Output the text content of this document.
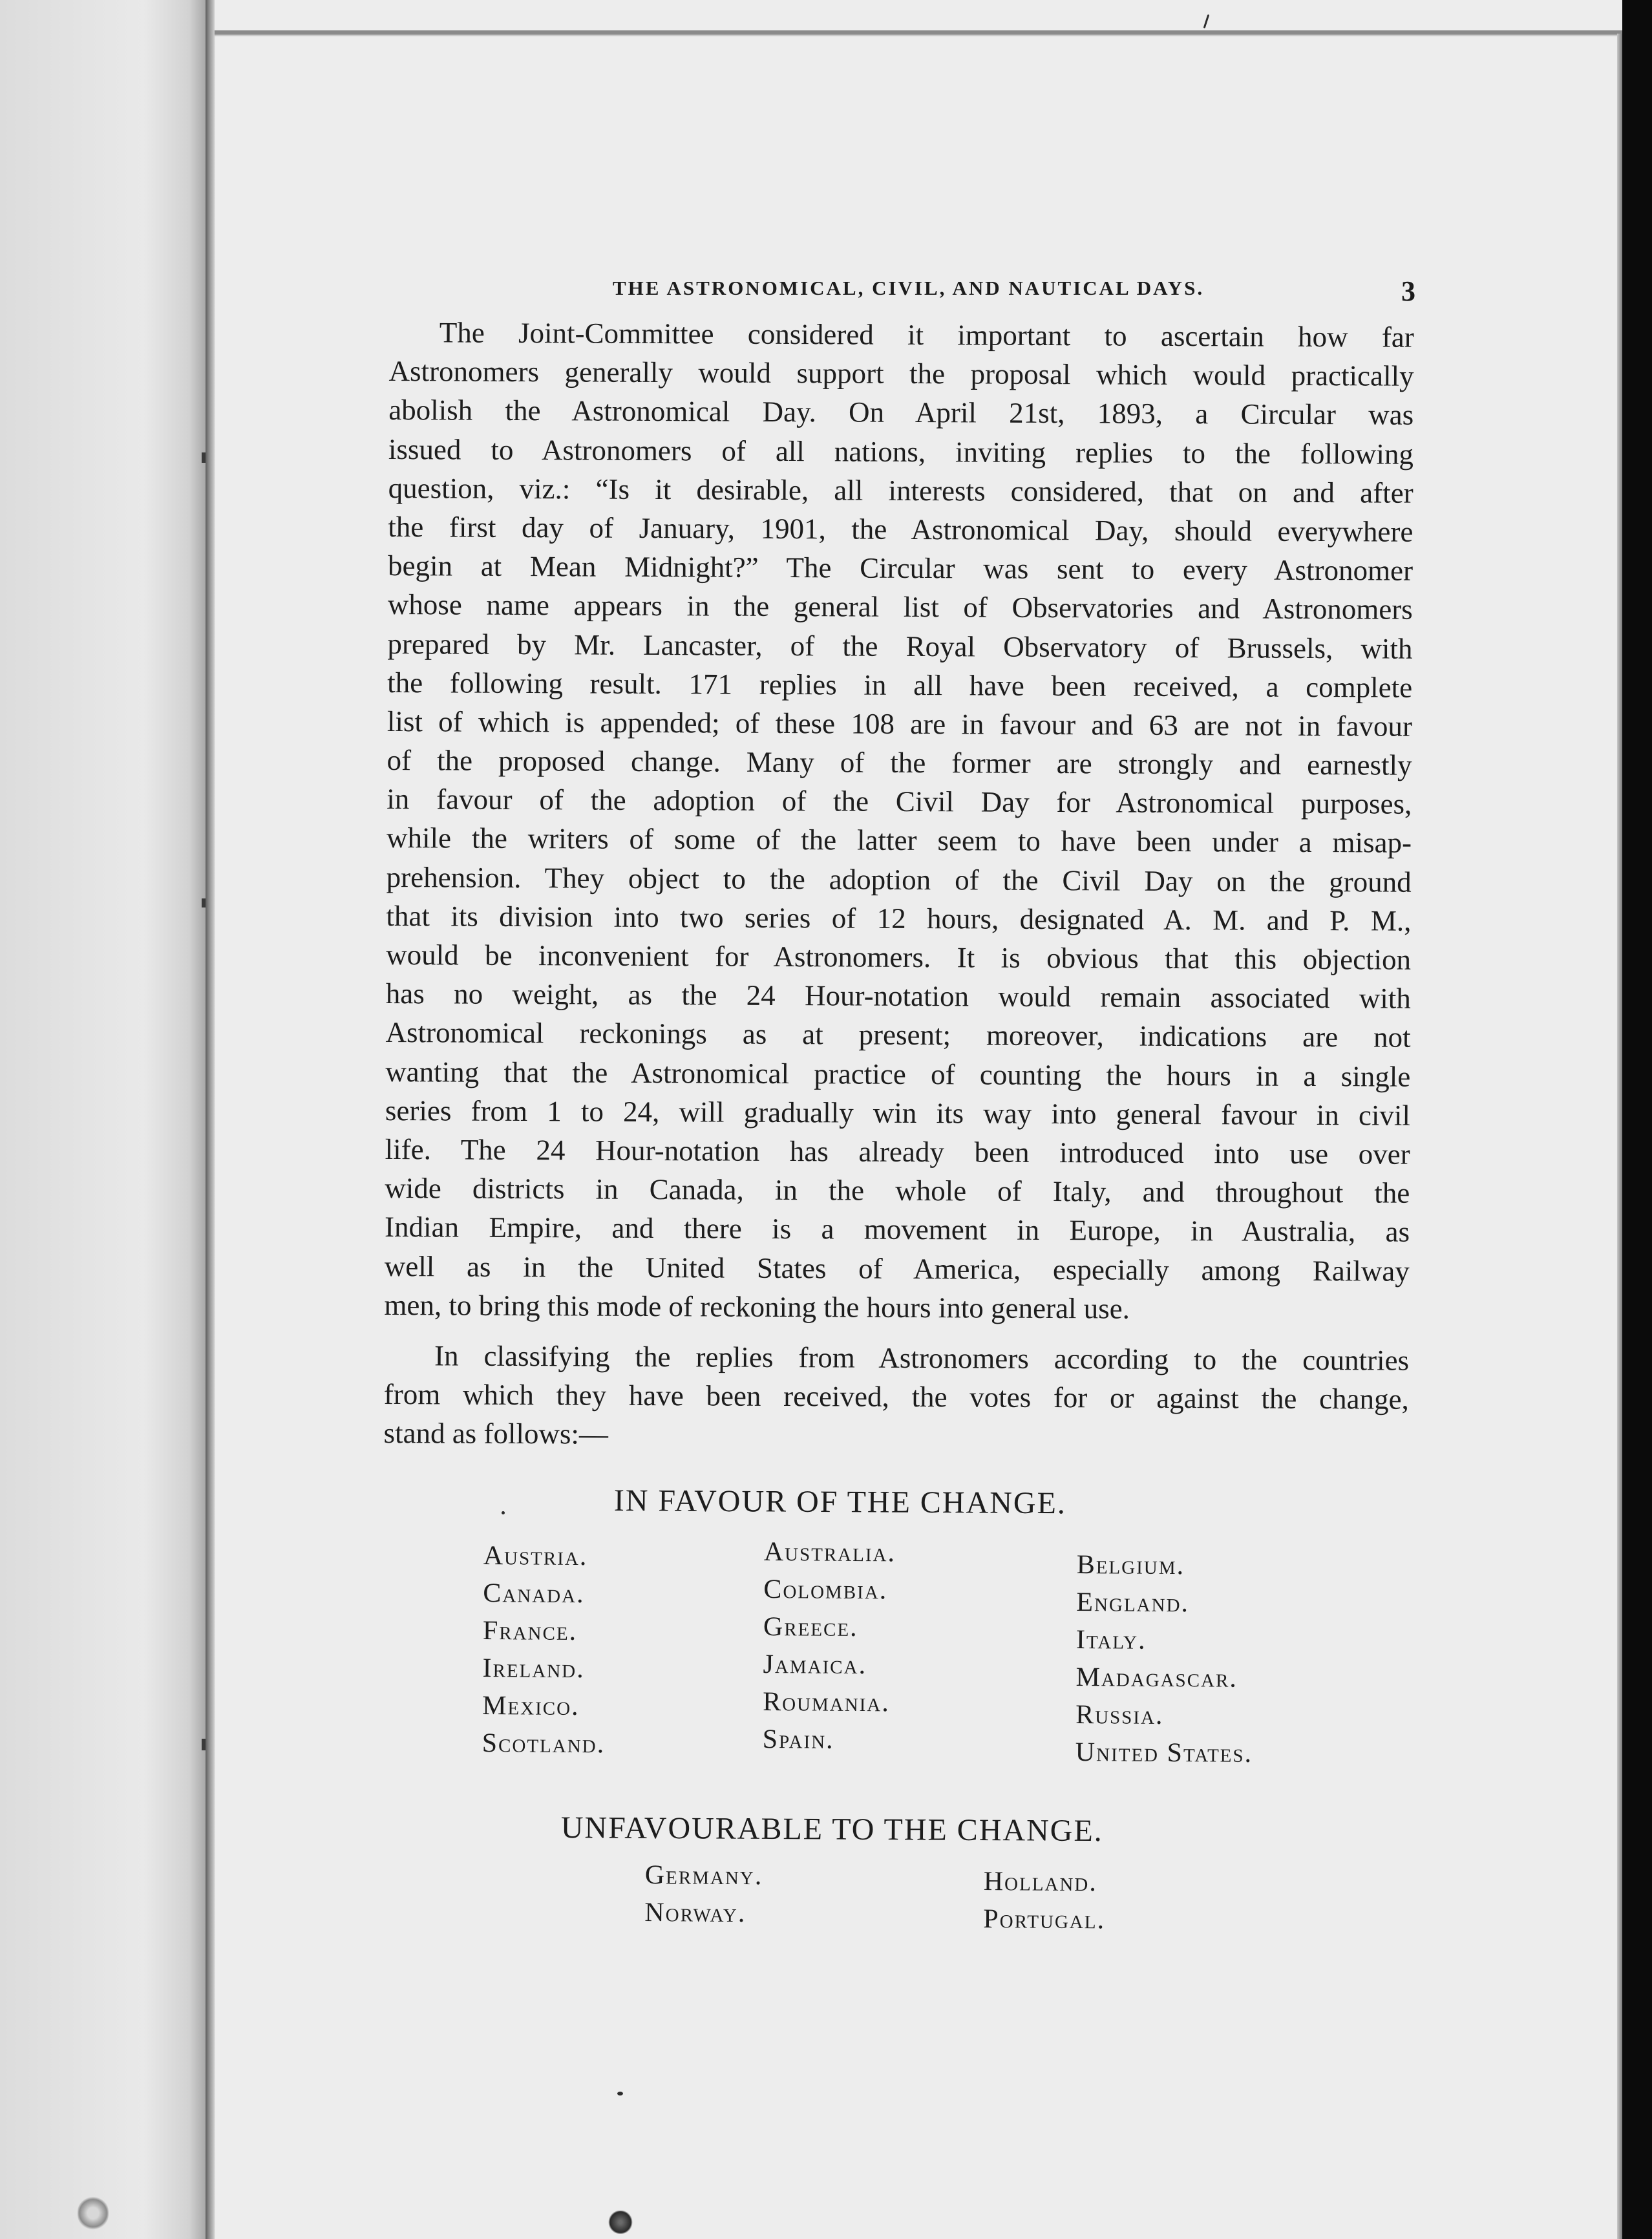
THE ASTRONOMICAL, CIVIL, AND NAUTICAL DAYS.	3
The Joint-Committee considered it important to ascertain how far
Astronomers generally would support the proposal which would practically
abolish the Astronomical Day. On April 21st, 1893, a Circular was
issued to Astronomers of all nations, inviting replies to the following
question, viz.: “Is it desirable, all interests considered, that on and after
the first day of January, 1901, the Astronomical Day, should everywhere
begin at Mean Midnight?” The Circular was sent to every Astronomer
whose name appears in the general list of Observatories and Astronomers
prepared by Mr. Lancaster, of the Royal Observatory of Brussels, with
the following result. 171 replies in all have been received, a complete
list of which is appended; of these 108 are in favour and 63 are not in favour
of the proposed change. Many of the former are strongly and earnestly
in favour of the adoption of the Civil Day for Astronomical purposes,
while the writers of some of the latter seem to have been under a misap-
prehension. They object to the adoption of the Civil Day on the ground
that its division into two series of 12 hours, designated A. M. and P. M.,
would be inconvenient for Astronomers. It is obvious that this objection
has no weight, as the 24 Hour-notation would remain associated with
Astronomical reckonings as at present; moreover, indications are not
wanting that the Astronomical practice of counting the hours in a single
series from 1 to 24, will gradually win its way into general favour in civil
life. The 24 Hour-notation has already been introduced into use over
wide districts in Canada, in the whole of Italy, and throughout the
Indian Empire, and there is a movement in Europe, in Australia, as
well as in the United States of America, especially among Railway
men, to bring this mode of reckoning the hours into general use.
In classifying the replies from Astronomers according to the countries
from which they have been received, the votes for or against the change,
stand as follows:—
IN FAVOUR OF THE CHANGE.
Austria.
Canada.
France.
Ireland.
Mexico.
Scotland.
Australia.
Colombia.
Greece.
Jamaica.
Roumania.
Spain.
Belgium.
England.
Italy.
Madagascar.
Russia.
United States.
UNFAVOURABLE TO THE CHANGE.
Germany.
Norway.
Holland.
Portugal.
